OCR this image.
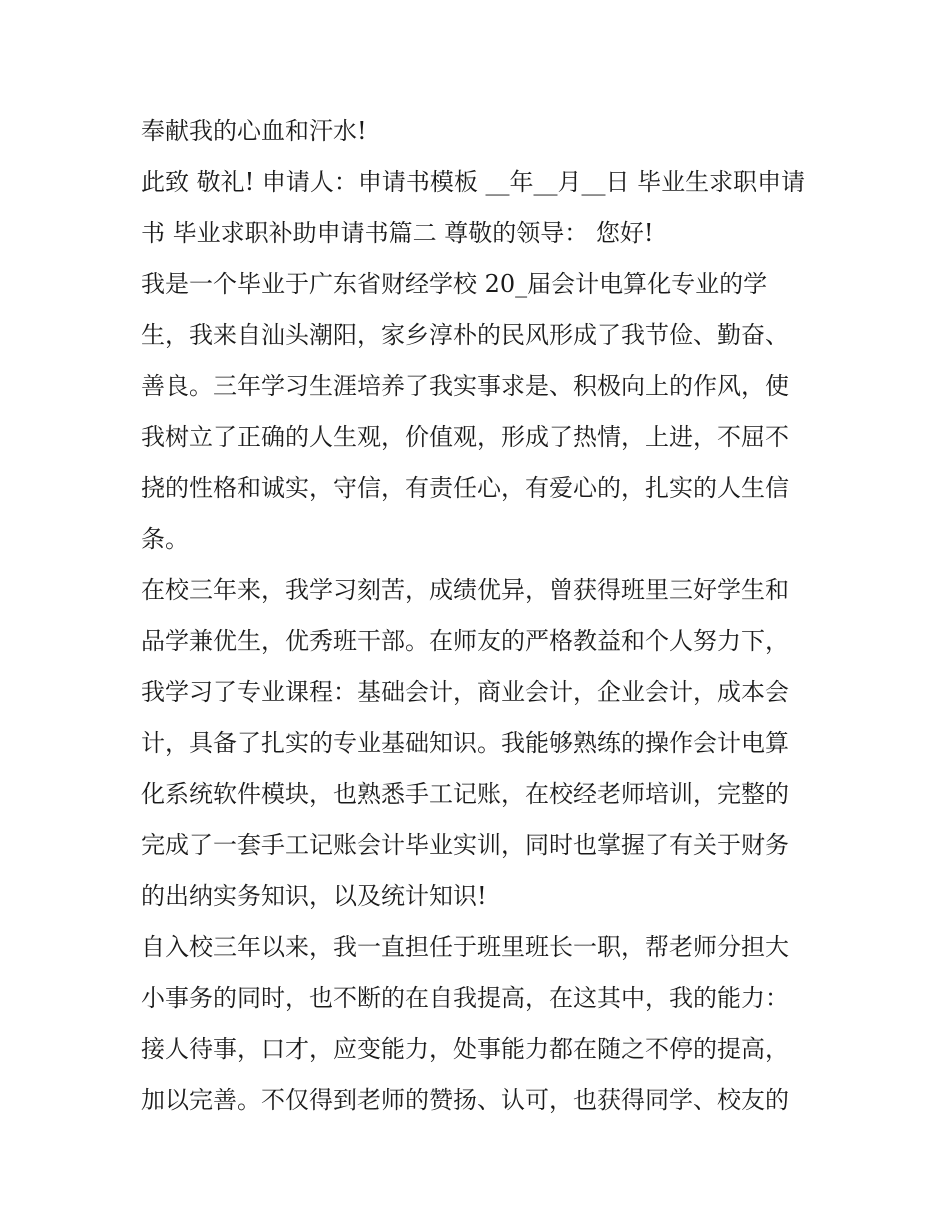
奉献我的心血和汗水!
此致 敬礼! 申请人：申请书模板 __年__月__日 毕业生求职申请
书 毕业求职补助申请书篇二 尊敬的领导： 您好!
我是一个毕业于广东省财经学校 20_届会计电算化专业的学
生，我来自汕头潮阳，家乡淳朴的民风形成了我节俭、勤奋、
善良。三年学习生涯培养了我实事求是、积极向上的作风，使
我树立了正确的人生观，价值观，形成了热情，上进，不屈不
挠的性格和诚实，守信，有责任心，有爱心的，扎实的人生信
条。
在校三年来，我学习刻苦，成绩优异，曾获得班里三好学生和
品学兼优生，优秀班干部。在师友的严格教益和个人努力下，
我学习了专业课程：基础会计，商业会计，企业会计，成本会
计，具备了扎实的专业基础知识。我能够熟练的操作会计电算
化系统软件模块，也熟悉手工记账，在校经老师培训，完整的
完成了一套手工记账会计毕业实训，同时也掌握了有关于财务
的出纳实务知识，以及统计知识!
自入校三年以来，我一直担任于班里班长一职，帮老师分担大
小事务的同时，也不断的在自我提高，在这其中，我的能力：
接人待事，口才，应变能力，处事能力都在随之不停的提高，
加以完善。不仅得到老师的赞扬、认可，也获得同学、校友的
